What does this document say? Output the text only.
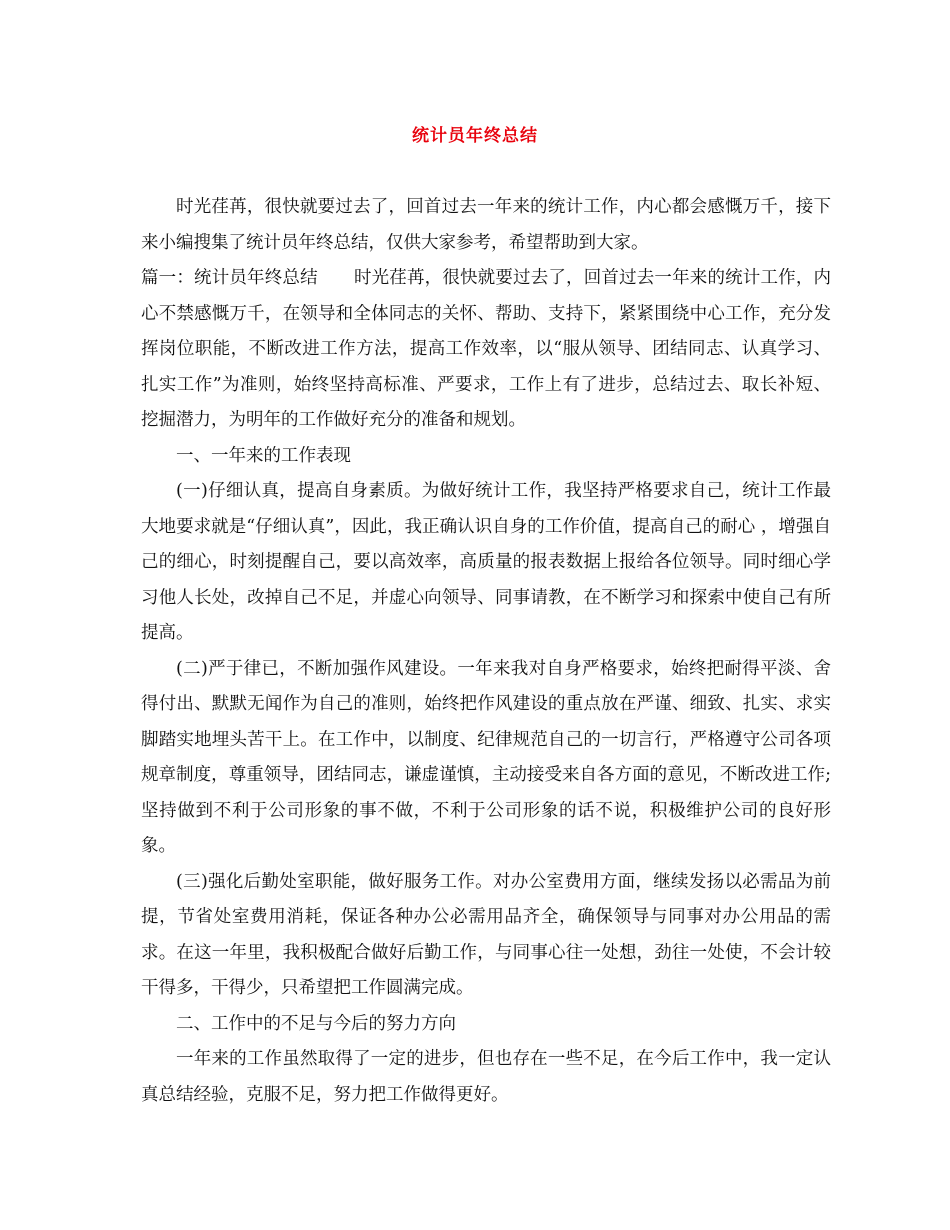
统计员年终总结

时光荏苒，很快就要过去了，回首过去一年来的统计工作，内心都会感慨万千，接下来小编搜集了统计员年终总结，仅供大家参考，希望帮助到大家。

篇一：统计员年终总结 时光荏苒，很快就要过去了，回首过去一年来的统计工作，内心不禁感慨万千，在领导和全体同志的关怀、帮助、支持下，紧紧围绕中心工作，充分发挥岗位职能，不断改进工作方法，提高工作效率，以“服从领导、团结同志、认真学习、扎实工作”为准则，始终坚持高标准、严要求，工作上有了进步，总结过去、取长补短、挖掘潜力，为明年的工作做好充分的准备和规划。

一、一年来的工作表现

(一)仔细认真，提高自身素质。为做好统计工作，我坚持严格要求自己，统计工作最大地要求就是“仔细认真”，因此，我正确认识自身的工作价值，提高自己的耐心 ，增强自己的细心，时刻提醒自己，要以高效率，高质量的报表数据上报给各位领导。同时细心学习他人长处，改掉自己不足，并虚心向领导、同事请教，在不断学习和探索中使自己有所提高。

(二)严于律已，不断加强作风建设。一年来我对自身严格要求，始终把耐得平淡、舍得付出、默默无闻作为自己的准则，始终把作风建设的重点放在严谨、细致、扎实、求实脚踏实地埋头苦干上。在工作中，以制度、纪律规范自己的一切言行，严格遵守公司各项规章制度，尊重领导，团结同志，谦虚谨慎，主动接受来自各方面的意见，不断改进工作;坚持做到不利于公司形象的事不做，不利于公司形象的话不说，积极维护公司的良好形象。

(三)强化后勤处室职能，做好服务工作。对办公室费用方面，继续发扬以必需品为前提，节省处室费用消耗，保证各种办公必需用品齐全，确保领导与同事对办公用品的需求。在这一年里，我积极配合做好后勤工作，与同事心往一处想，劲往一处使，不会计较干得多，干得少，只希望把工作圆满完成。

二、工作中的不足与今后的努力方向

一年来的工作虽然取得了一定的进步，但也存在一些不足，在今后工作中，我一定认真总结经验，克服不足，努力把工作做得更好。
